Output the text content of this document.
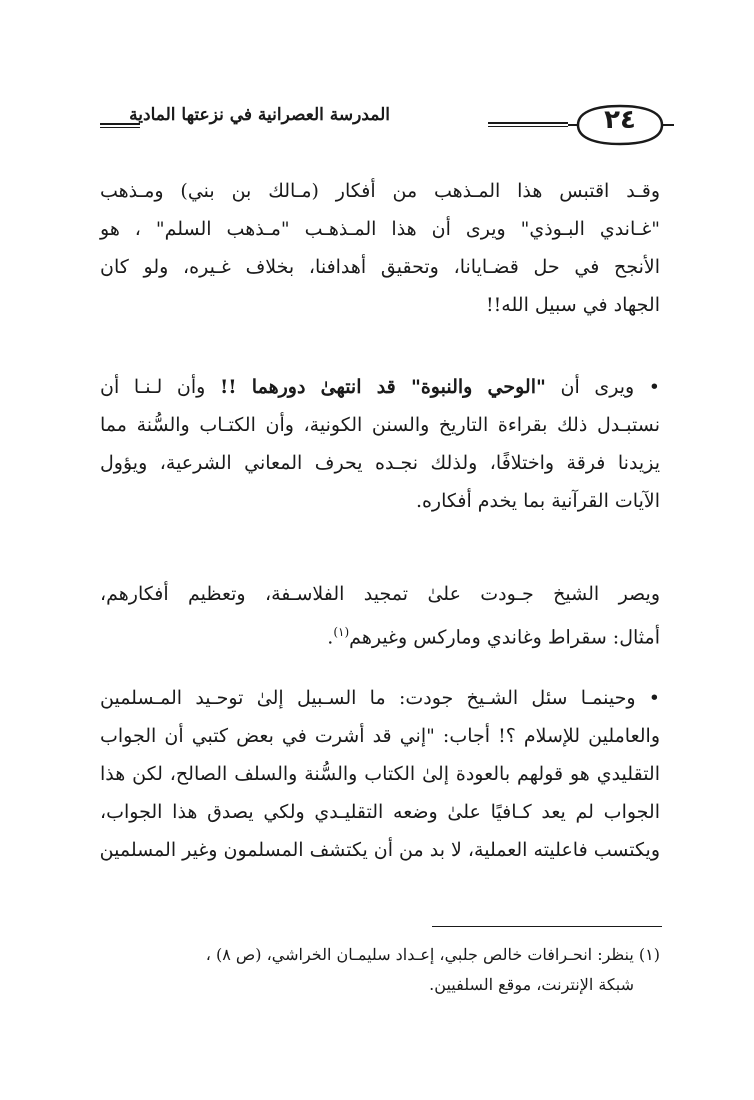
المدرسة العصرانية في نزعتها المادية	٢٤
وقـد اقتبس هذا المـذهب من أفكار (مـالك بن بني) ومـذهب
"غـاندي البـوذي" ويرى أن هذا المـذهـب "مـذهب السلم" ، هو
الأنجح في حل قضـايانا، وتحقيق أهدافنا، بخلاف غـيره، ولو كان
الجهاد في سبيل الله!!
• ويرى أن "الوحي والنبوة" قد انتهىٰ دورهما !! وأن لـنـا أن
نستبـدل ذلك بقراءة التاريخ والسنن الكونية، وأن الكتـاب والسُّنة مما
يزيدنا فرقة واختلافًا، ولذلك نجـده يحرف المعاني الشرعية، ويؤول
الآيات القرآنية بما يخدم أفكاره.
ويصر الشيخ جـودت علىٰ تمجيد الفلاسـفة، وتعظيم أفكارهم،
أمثال: سقراط وغاندي وماركس وغيرهم$^{(١)}$.
• وحينمـا سئل الشـيخ جودت: ما السـبيل إلىٰ توحـيد المـسلمين
والعاملين للإسلام ؟! أجاب: "إني قد أشرت في بعض كتبي أن الجواب
التقليدي هو قولهم بالعودة إلىٰ الكتاب والسُّنة والسلف الصالح، لكن هذا
الجواب لم يعد كـافيًا علىٰ وضعه التقليـدي ولكي يصدق هذا الجواب،
ويكتسب فاعليته العملية، لا بد من أن يكتشف المسلمون وغير المسلمين
(١) ينظر: انحـرافات خالص جلبي، إعـداد سليمـان الخراشي، (ص ٨) ،
شبكة الإنترنت، موقع السلفيين.
